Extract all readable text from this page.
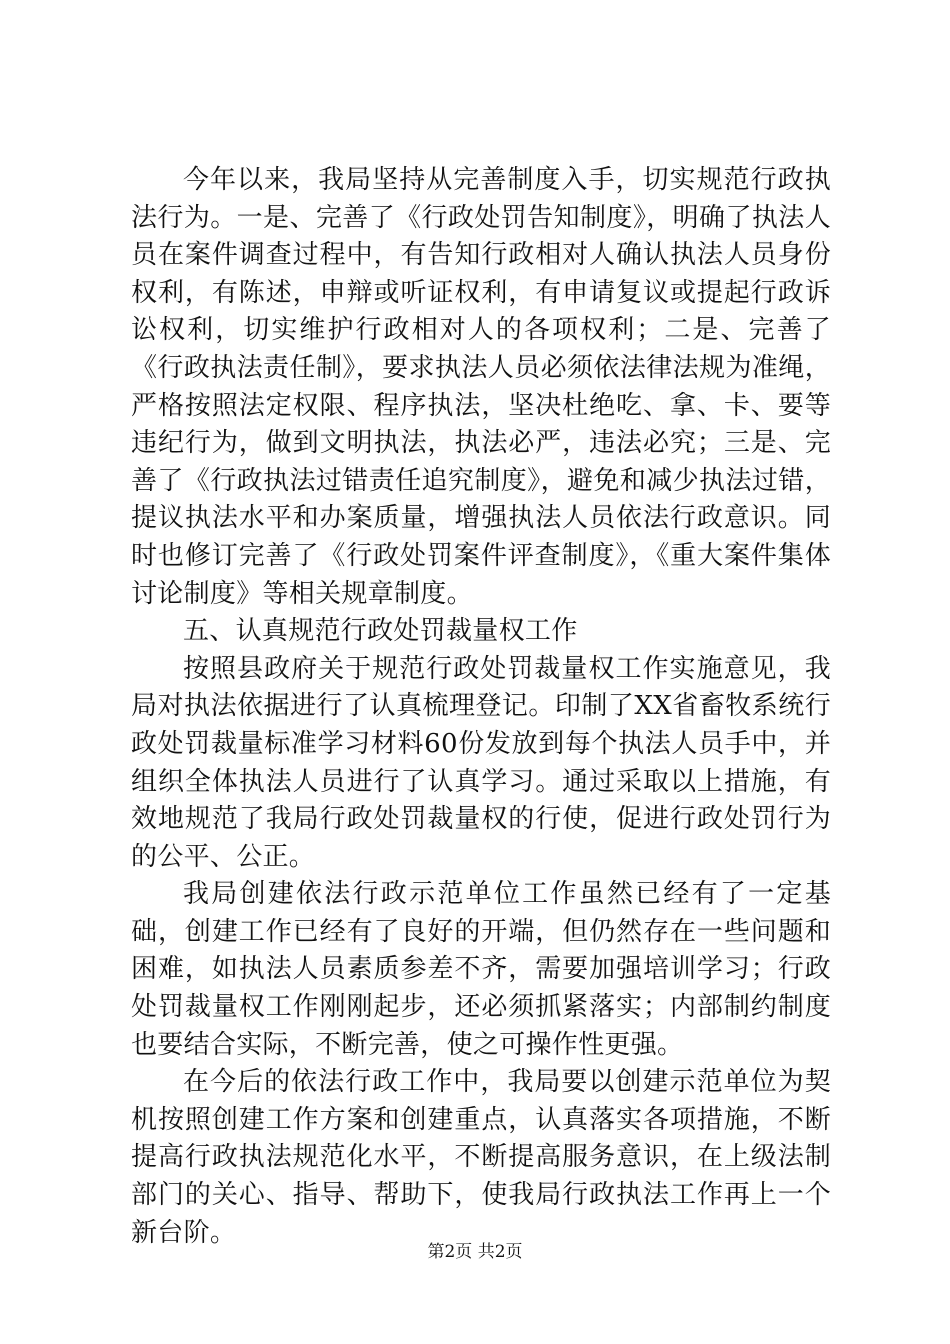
今年以来，我局坚持从完善制度入手，切实规范行政执法行为。一是、完善了《行政处罚告知制度》，明确了执法人员在案件调查过程中，有告知行政相对人确认执法人员身份权利，有陈述，申辩或听证权利，有申请复议或提起行政诉讼权利，切实维护行政相对人的各项权利；二是、完善了《行政执法责任制》，要求执法人员必须依法律法规为准绳，严格按照法定权限、程序执法，坚决杜绝吃、拿、卡、要等违纪行为，做到文明执法，执法必严，违法必究；三是、完善了《行政执法过错责任追究制度》，避免和减少执法过错，提议执法水平和办案质量，增强执法人员依法行政意识。同时也修订完善了《行政处罚案件评查制度》，《重大案件集体讨论制度》等相关规章制度。

五、认真规范行政处罚裁量权工作

按照县政府关于规范行政处罚裁量权工作实施意见，我局对执法依据进行了认真梳理登记。印制了XX省畜牧系统行政处罚裁量标准学习材料60份发放到每个执法人员手中，并组织全体执法人员进行了认真学习。通过采取以上措施，有效地规范了我局行政处罚裁量权的行使，促进行政处罚行为的公平、公正。

我局创建依法行政示范单位工作虽然已经有了一定基础，创建工作已经有了良好的开端，但仍然存在一些问题和困难，如执法人员素质参差不齐，需要加强培训学习；行政处罚裁量权工作刚刚起步，还必须抓紧落实；内部制约制度也要结合实际，不断完善，使之可操作性更强。

在今后的依法行政工作中，我局要以创建示范单位为契机按照创建工作方案和创建重点，认真落实各项措施，不断提高行政执法规范化水平，不断提高服务意识，在上级法制部门的关心、指导、帮助下，使我局行政执法工作再上一个新台阶。

第2页 共2页
